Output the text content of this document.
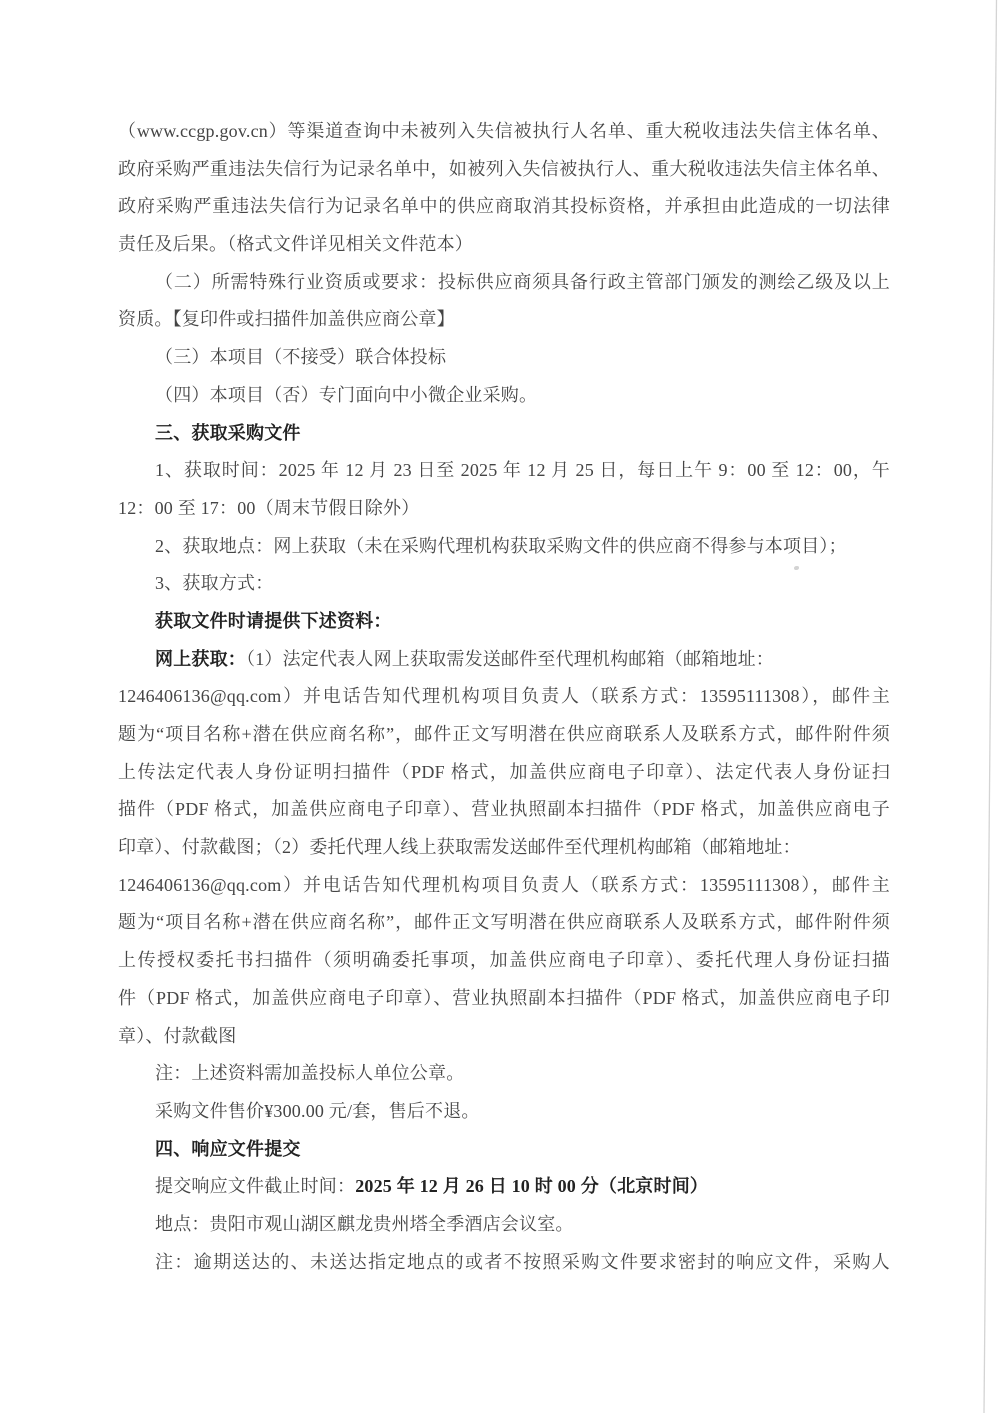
（www.ccgp.gov.cn）等渠道查询中未被列入失信被执行人名单、重大税收违法失信主体名单、
政府采购严重违法失信行为记录名单中，如被列入失信被执行人、重大税收违法失信主体名单、
政府采购严重违法失信行为记录名单中的供应商取消其投标资格，并承担由此造成的一切法律
责任及后果。（格式文件详见相关文件范本）
（二）所需特殊行业资质或要求：投标供应商须具备行政主管部门颁发的测绘乙级及以上
资质。【复印件或扫描件加盖供应商公章】
（三）本项目（不接受）联合体投标
（四）本项目（否）专门面向中小微企业采购。
三、获取采购文件
1、获取时间：2025 年 12 月 23 日至 2025 年 12 月 25 日，每日上午 9：00 至 12：00，午
12：00 至 17：00（周末节假日除外）
2、获取地点：网上获取（未在采购代理机构获取采购文件的供应商不得参与本项目）；
3、获取方式：
获取文件时请提供下述资料：
网上获取：（1）法定代表人网上获取需发送邮件至代理机构邮箱（邮箱地址：
1246406136@qq.com）并电话告知代理机构项目负责人（联系方式：13595111308），邮件主
题为“项目名称+潜在供应商名称”，邮件正文写明潜在供应商联系人及联系方式，邮件附件须
上传法定代表人身份证明扫描件（PDF 格式，加盖供应商电子印章）、法定代表人身份证扫
描件（PDF 格式，加盖供应商电子印章）、营业执照副本扫描件（PDF 格式，加盖供应商电子
印章）、付款截图；（2）委托代理人线上获取需发送邮件至代理机构邮箱（邮箱地址：
1246406136@qq.com）并电话告知代理机构项目负责人（联系方式：13595111308），邮件主
题为“项目名称+潜在供应商名称”，邮件正文写明潜在供应商联系人及联系方式，邮件附件须
上传授权委托书扫描件（须明确委托事项，加盖供应商电子印章）、委托代理人身份证扫描
件（PDF 格式，加盖供应商电子印章）、营业执照副本扫描件（PDF 格式，加盖供应商电子印
章）、付款截图
注：上述资料需加盖投标人单位公章。
采购文件售价¥300.00 元/套，售后不退。
四、响应文件提交
提交响应文件截止时间：2025 年 12 月 26 日 10 时 00 分（北京时间）
地点：贵阳市观山湖区麒龙贵州塔全季酒店会议室。
注：逾期送达的、未送达指定地点的或者不按照采购文件要求密封的响应文件，采购人
